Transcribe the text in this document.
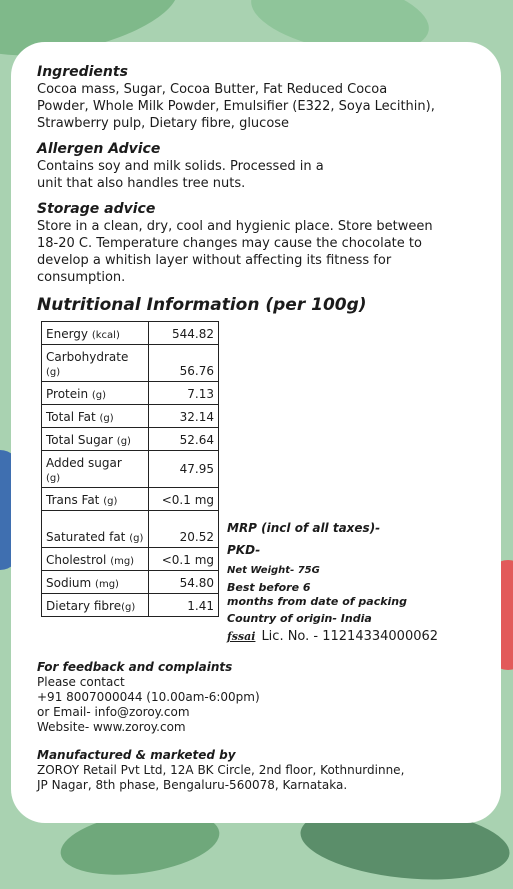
Ingredients

Cocoa mass, Sugar, Cocoa Butter, Fat Reduced Cocoa

Powder, Whole Milk Powder, Emulsifier (E322, Soya Lecithin),

Strawberry pulp, Dietary fibre, glucose

Allergen Advice

Contains soy and milk solids. Processed in a

unit that also handles tree nuts.

Storage advice

Store in a clean, dry, cool and hygienic place. Store between

18-20 C. Temperature changes may cause the chocolate to

develop a whitish layer without affecting its fitness for

consumption.

Nutritional Information (per 100g)

Energy (kcal)	544.82
Carbohydrate
(g)	56.76
Protein (g)	7.13
Total Fat (g)	32.14
Total Sugar (g)	52.64
Added sugar
(g)	47.95
Trans Fat (g)	<0.1 mg
Saturated fat (g)	20.52
Cholestrol (mg)	<0.1 mg
Sodium (mg)	54.80
Dietary fibre(g)	1.41
MRP (incl of all taxes)-
PKD-
Net Weight- 75G
Best before 6
months from date of packing
Country of origin- India
fssai Lic. No. - 11214334000062

For feedback and complaints

Please contact

+91 8007000044 (10.00am-6:00pm)

or Email- info@zoroy.com

Website- www.zoroy.com

Manufactured & marketed by

ZOROY Retail Pvt Ltd, 12A BK Circle, 2nd floor, Kothnurdinne,

JP Nagar, 8th phase, Bengaluru-560078, Karnataka.
